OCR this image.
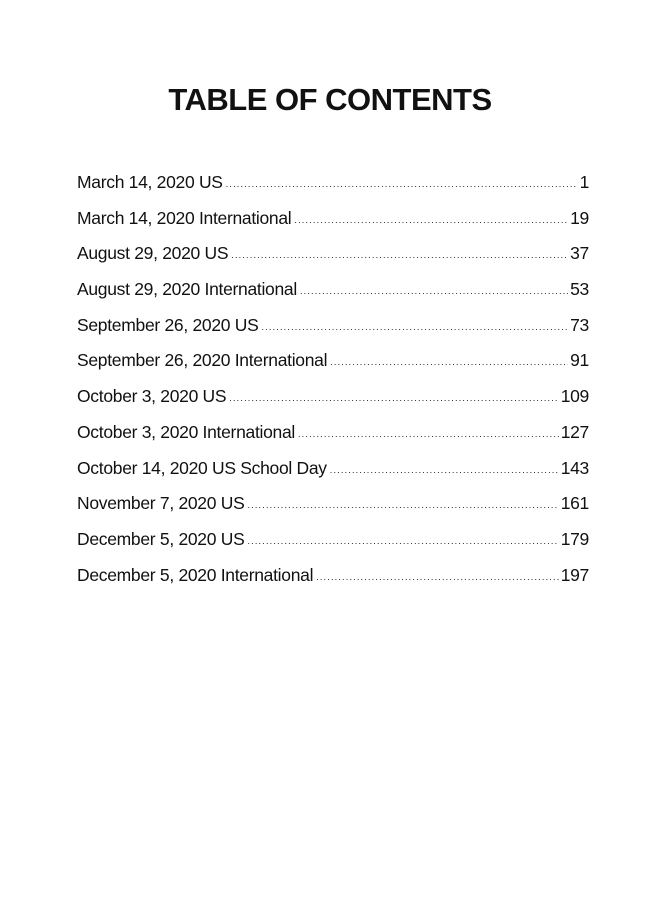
TABLE OF CONTENTS
March 14, 2020 US .....	1
March 14, 2020 International .....	19
August 29, 2020 US .....	37
August 29, 2020 International .....	53
September 26, 2020 US .....	73
September 26, 2020 International .....	91
October 3, 2020 US .....	109
October 3, 2020 International .....	127
October 14, 2020 US School Day .....	143
November 7, 2020 US .....	161
December 5, 2020 US .....	179
December 5, 2020 International .....	197
